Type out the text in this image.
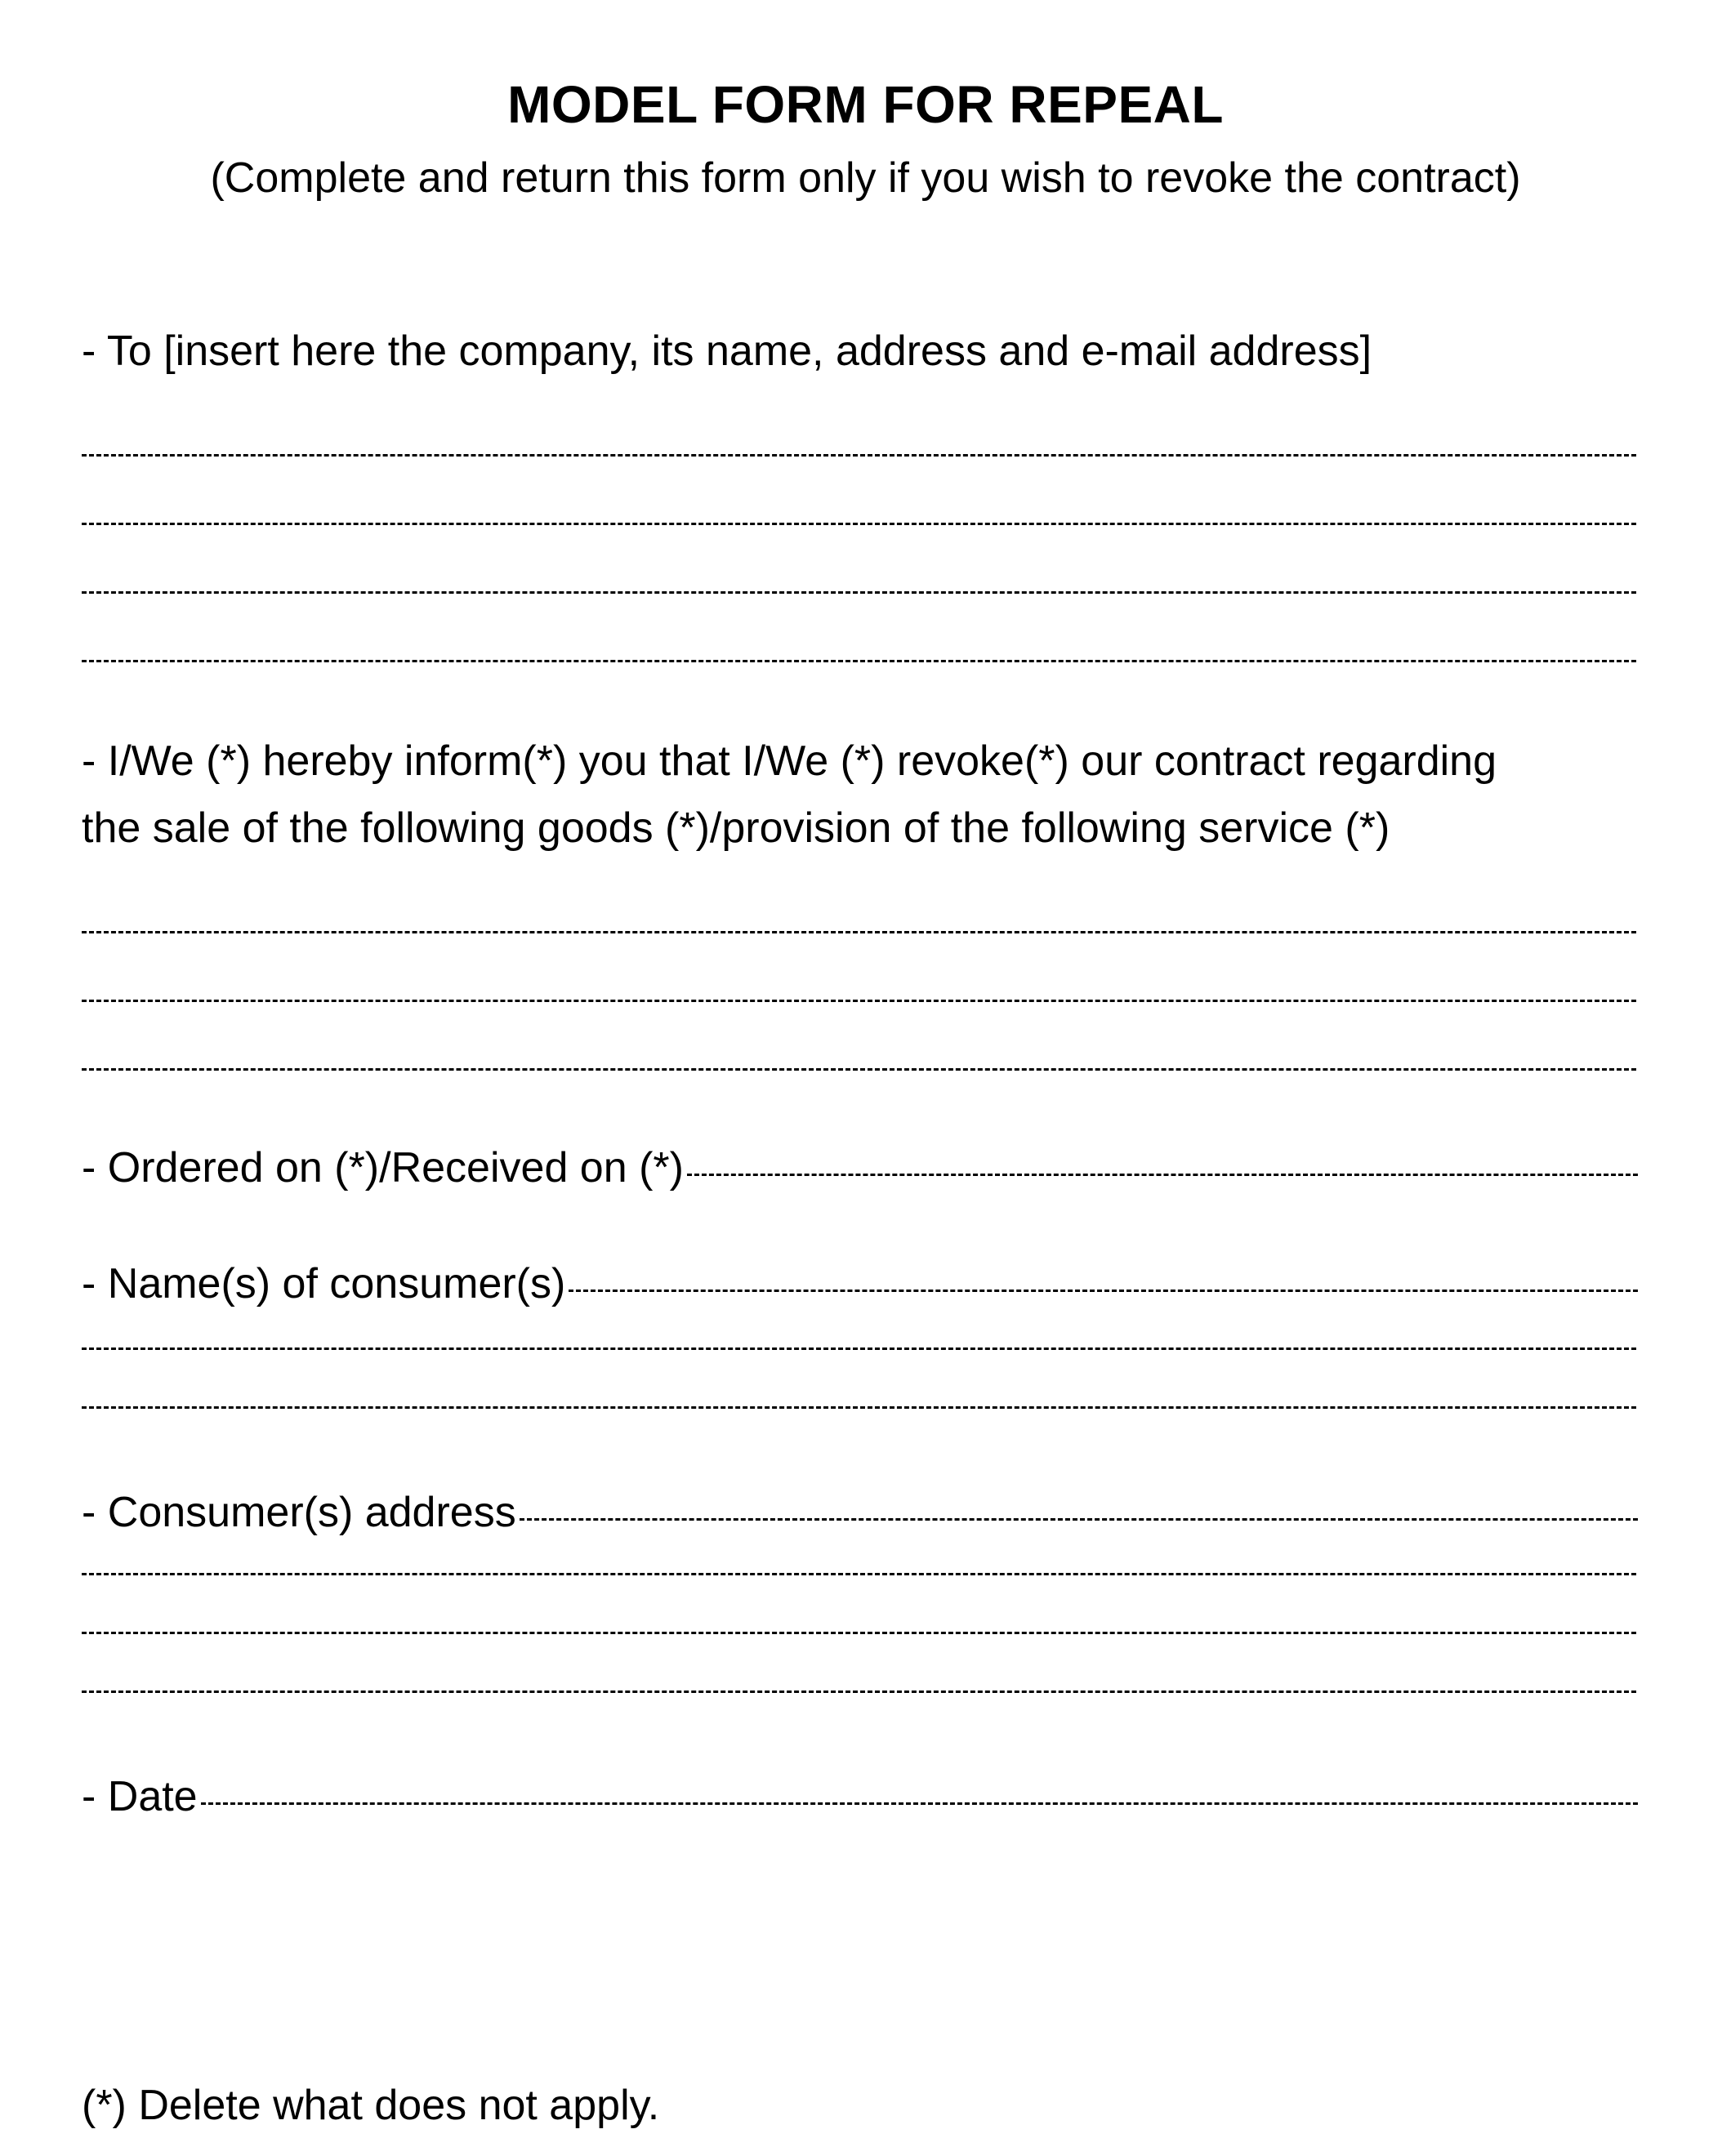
MODEL FORM FOR REPEAL
(Complete and return this form only if you wish to revoke the contract)
- To [insert here the company, its name, address and e-mail address]
- I/We (*) hereby inform(*) you that I/We (*) revoke(*) our contract regarding
the sale of the following goods (*)/provision of the following service (*)
- Ordered on (*)/Received on (*)
- Name(s) of consumer(s)
- Consumer(s) address
- Date
(*) Delete what does not apply.
